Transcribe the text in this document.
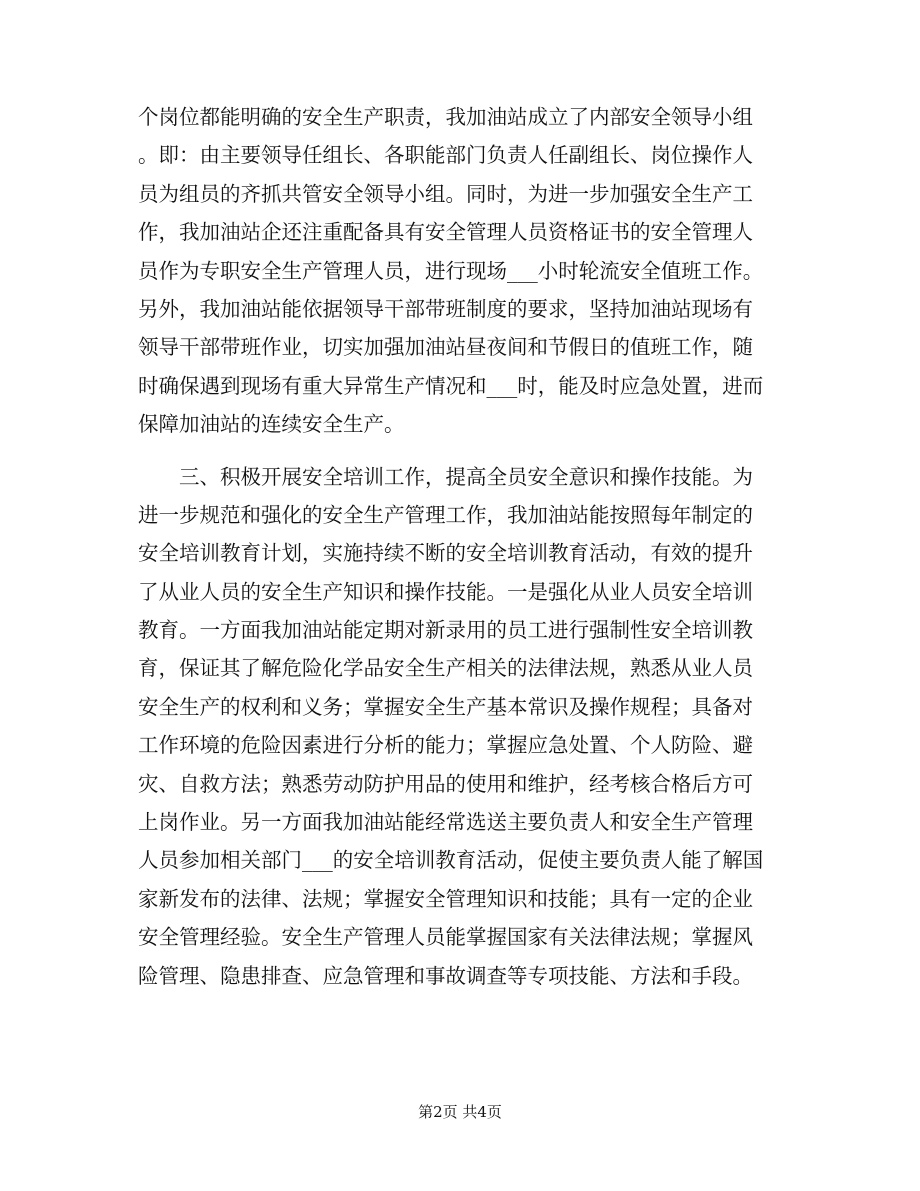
个岗位都能明确的安全生产职责，我加油站成立了内部安全领导小组
。即：由主要领导任组长、各职能部门负责人任副组长、岗位操作人
员为组员的齐抓共管安全领导小组。同时，为进一步加强安全生产工
作，我加油站企还注重配备具有安全管理人员资格证书的安全管理人
员作为专职安全生产管理人员，进行现场___小时轮流安全值班工作。
另外，我加油站能依据领导干部带班制度的要求，坚持加油站现场有
领导干部带班作业，切实加强加油站昼夜间和节假日的值班工作，随
时确保遇到现场有重大异常生产情况和___时，能及时应急处置，进而
保障加油站的连续安全生产。
三、积极开展安全培训工作，提高全员安全意识和操作技能。为
进一步规范和强化的安全生产管理工作，我加油站能按照每年制定的
安全培训教育计划，实施持续不断的安全培训教育活动，有效的提升
了从业人员的安全生产知识和操作技能。一是强化从业人员安全培训
教育。一方面我加油站能定期对新录用的员工进行强制性安全培训教
育，保证其了解危险化学品安全生产相关的法律法规，熟悉从业人员
安全生产的权利和义务；掌握安全生产基本常识及操作规程；具备对
工作环境的危险因素进行分析的能力；掌握应急处置、个人防险、避
灾、自救方法；熟悉劳动防护用品的使用和维护，经考核合格后方可
上岗作业。另一方面我加油站能经常选送主要负责人和安全生产管理
人员参加相关部门___的安全培训教育活动，促使主要负责人能了解国
家新发布的法律、法规；掌握安全管理知识和技能；具有一定的企业
安全管理经验。安全生产管理人员能掌握国家有关法律法规；掌握风
险管理、隐患排查、应急管理和事故调查等专项技能、方法和手段。
第2页 共4页
